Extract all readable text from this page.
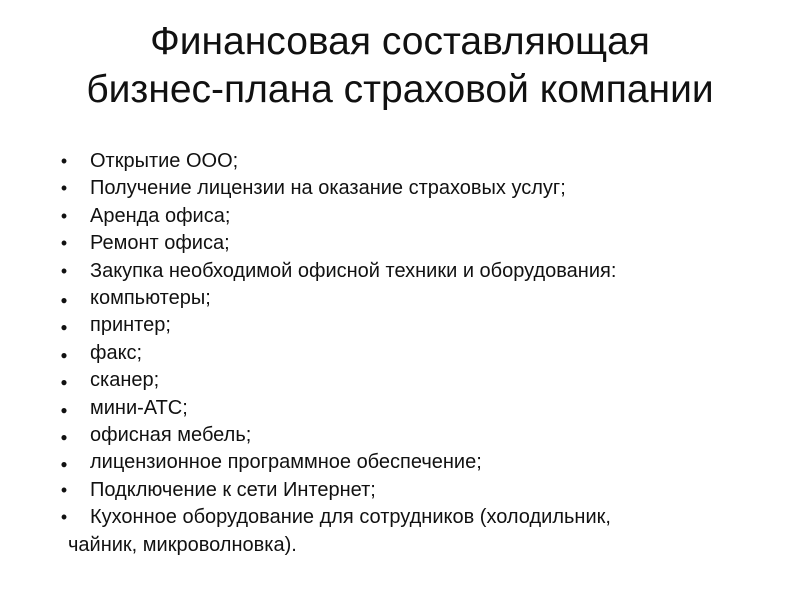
Финансовая составляющая
бизнес-плана страховой компании
• Открытие ООО;
• Получение лицензии на оказание страховых услуг;
• Аренда офиса;
• Ремонт офиса;
• Закупка необходимой офисной техники и оборудования:
● компьютеры;
● принтер;
● факс;
● сканер;
● мини-АТС;
● офисная мебель;
● лицензионное программное обеспечение;
• Подключение к сети Интернет;
• Кухонное оборудование для сотрудников (холодильник,
чайник, микроволновка).
